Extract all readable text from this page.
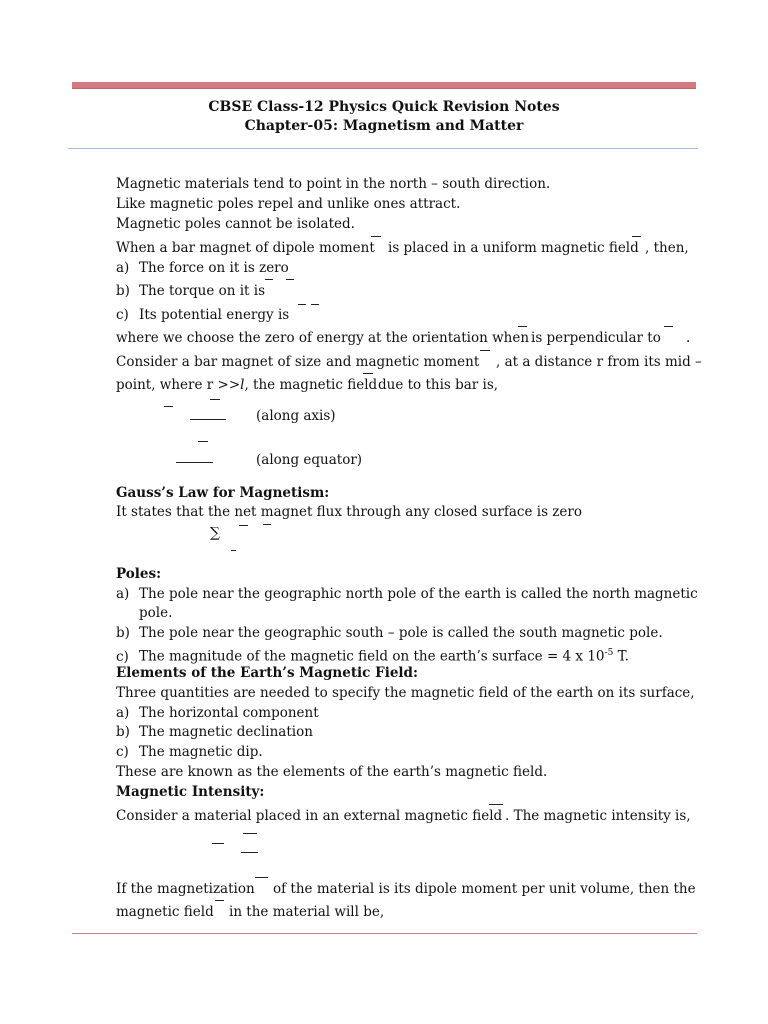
CBSE Class-12 Physics Quick Revision Notes
Chapter-05: Magnetism and Matter
Magnetic materials tend to point in the north – south direction.
Like magnetic poles repel and unlike ones attract.
Magnetic poles cannot be isolated.
When a bar magnet of dipole moment is placed in a uniform magnetic field , then,
a) The force on it is zero
b) The torque on it is
c) Its potential energy is
where we choose the zero of energy at the orientation when is perpendicular to .
Consider a bar magnet of size and magnetic moment , at a distance r from its mid –
point, where r >>l, the magnetic field due to this bar is,
(along axis)
(along equator)
Gauss’s Law for Magnetism:
It states that the net magnet flux through any closed surface is zero
∑
Poles:
a) The pole near the geographic north pole of the earth is called the north magnetic
pole.
b) The pole near the geographic south – pole is called the south magnetic pole.
c) The magnitude of the magnetic field on the earth’s surface = 4 x $10^{-5}$ T.
Elements of the Earth’s Magnetic Field:
Three quantities are needed to specify the magnetic field of the earth on its surface,
a) The horizontal component
b) The magnetic declination
c) The magnetic dip.
These are known as the elements of the earth’s magnetic field.
Magnetic Intensity:
Consider a material placed in an external magnetic field . The magnetic intensity is,
If the magnetization of the material is its dipole moment per unit volume, then the
magnetic field in the material will be,
